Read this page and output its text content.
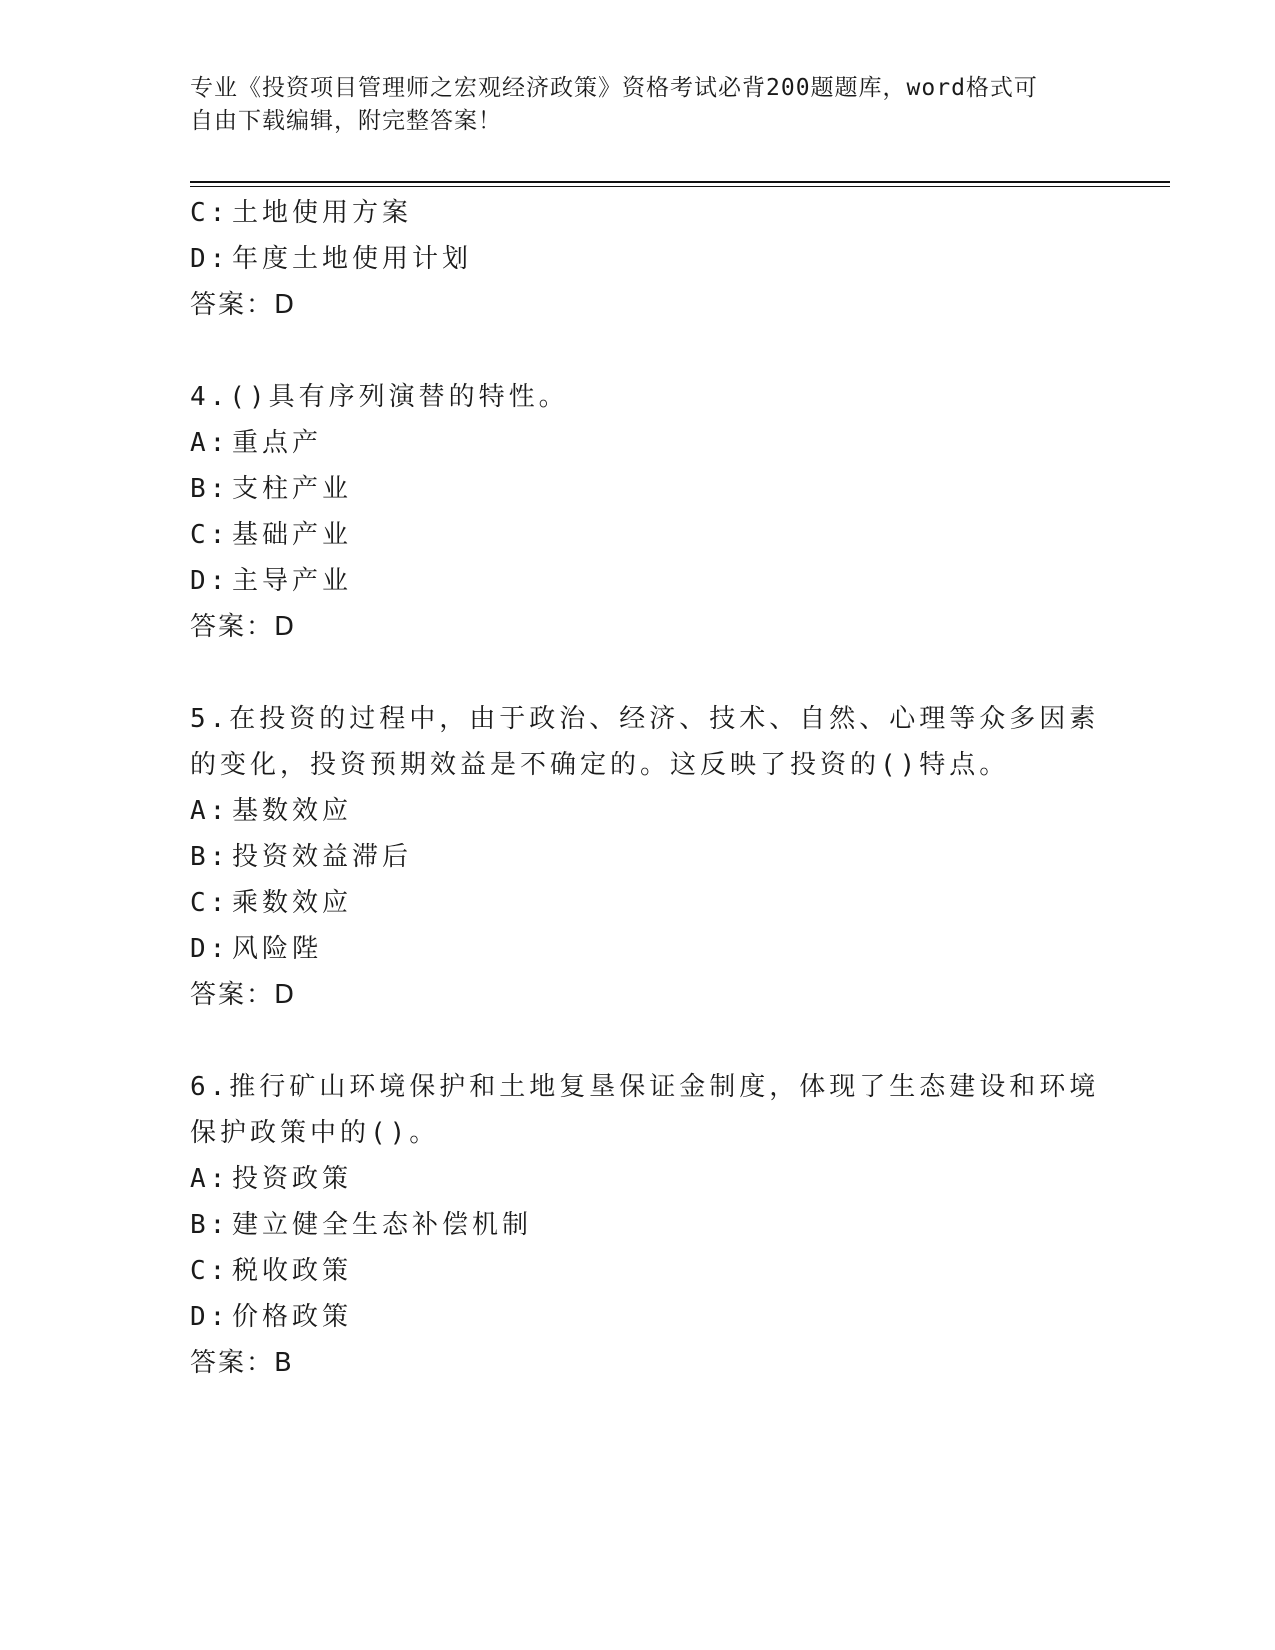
专业《投资项目管理师之宏观经济政策》资格考试必背200题题库，word格式可
自由下载编辑，附完整答案！
C: 土地使用方案
D: 年度土地使用计划
答案：D
4.()具有序列演替的特性。
A: 重点产
B: 支柱产业
C: 基础产业
D: 主导产业
答案：D
5.在投资的过程中，由于政治、经济、技术、自然、心理等众多因素
的变化，投资预期效益是不确定的。这反映了投资的()特点。
A: 基数效应
B: 投资效益滞后
C: 乘数效应
D: 风险陛
答案：D
6.推行矿山环境保护和土地复垦保证金制度，体现了生态建设和环境
保护政策中的()。
A: 投资政策
B: 建立健全生态补偿机制
C: 税收政策
D: 价格政策
答案：B
